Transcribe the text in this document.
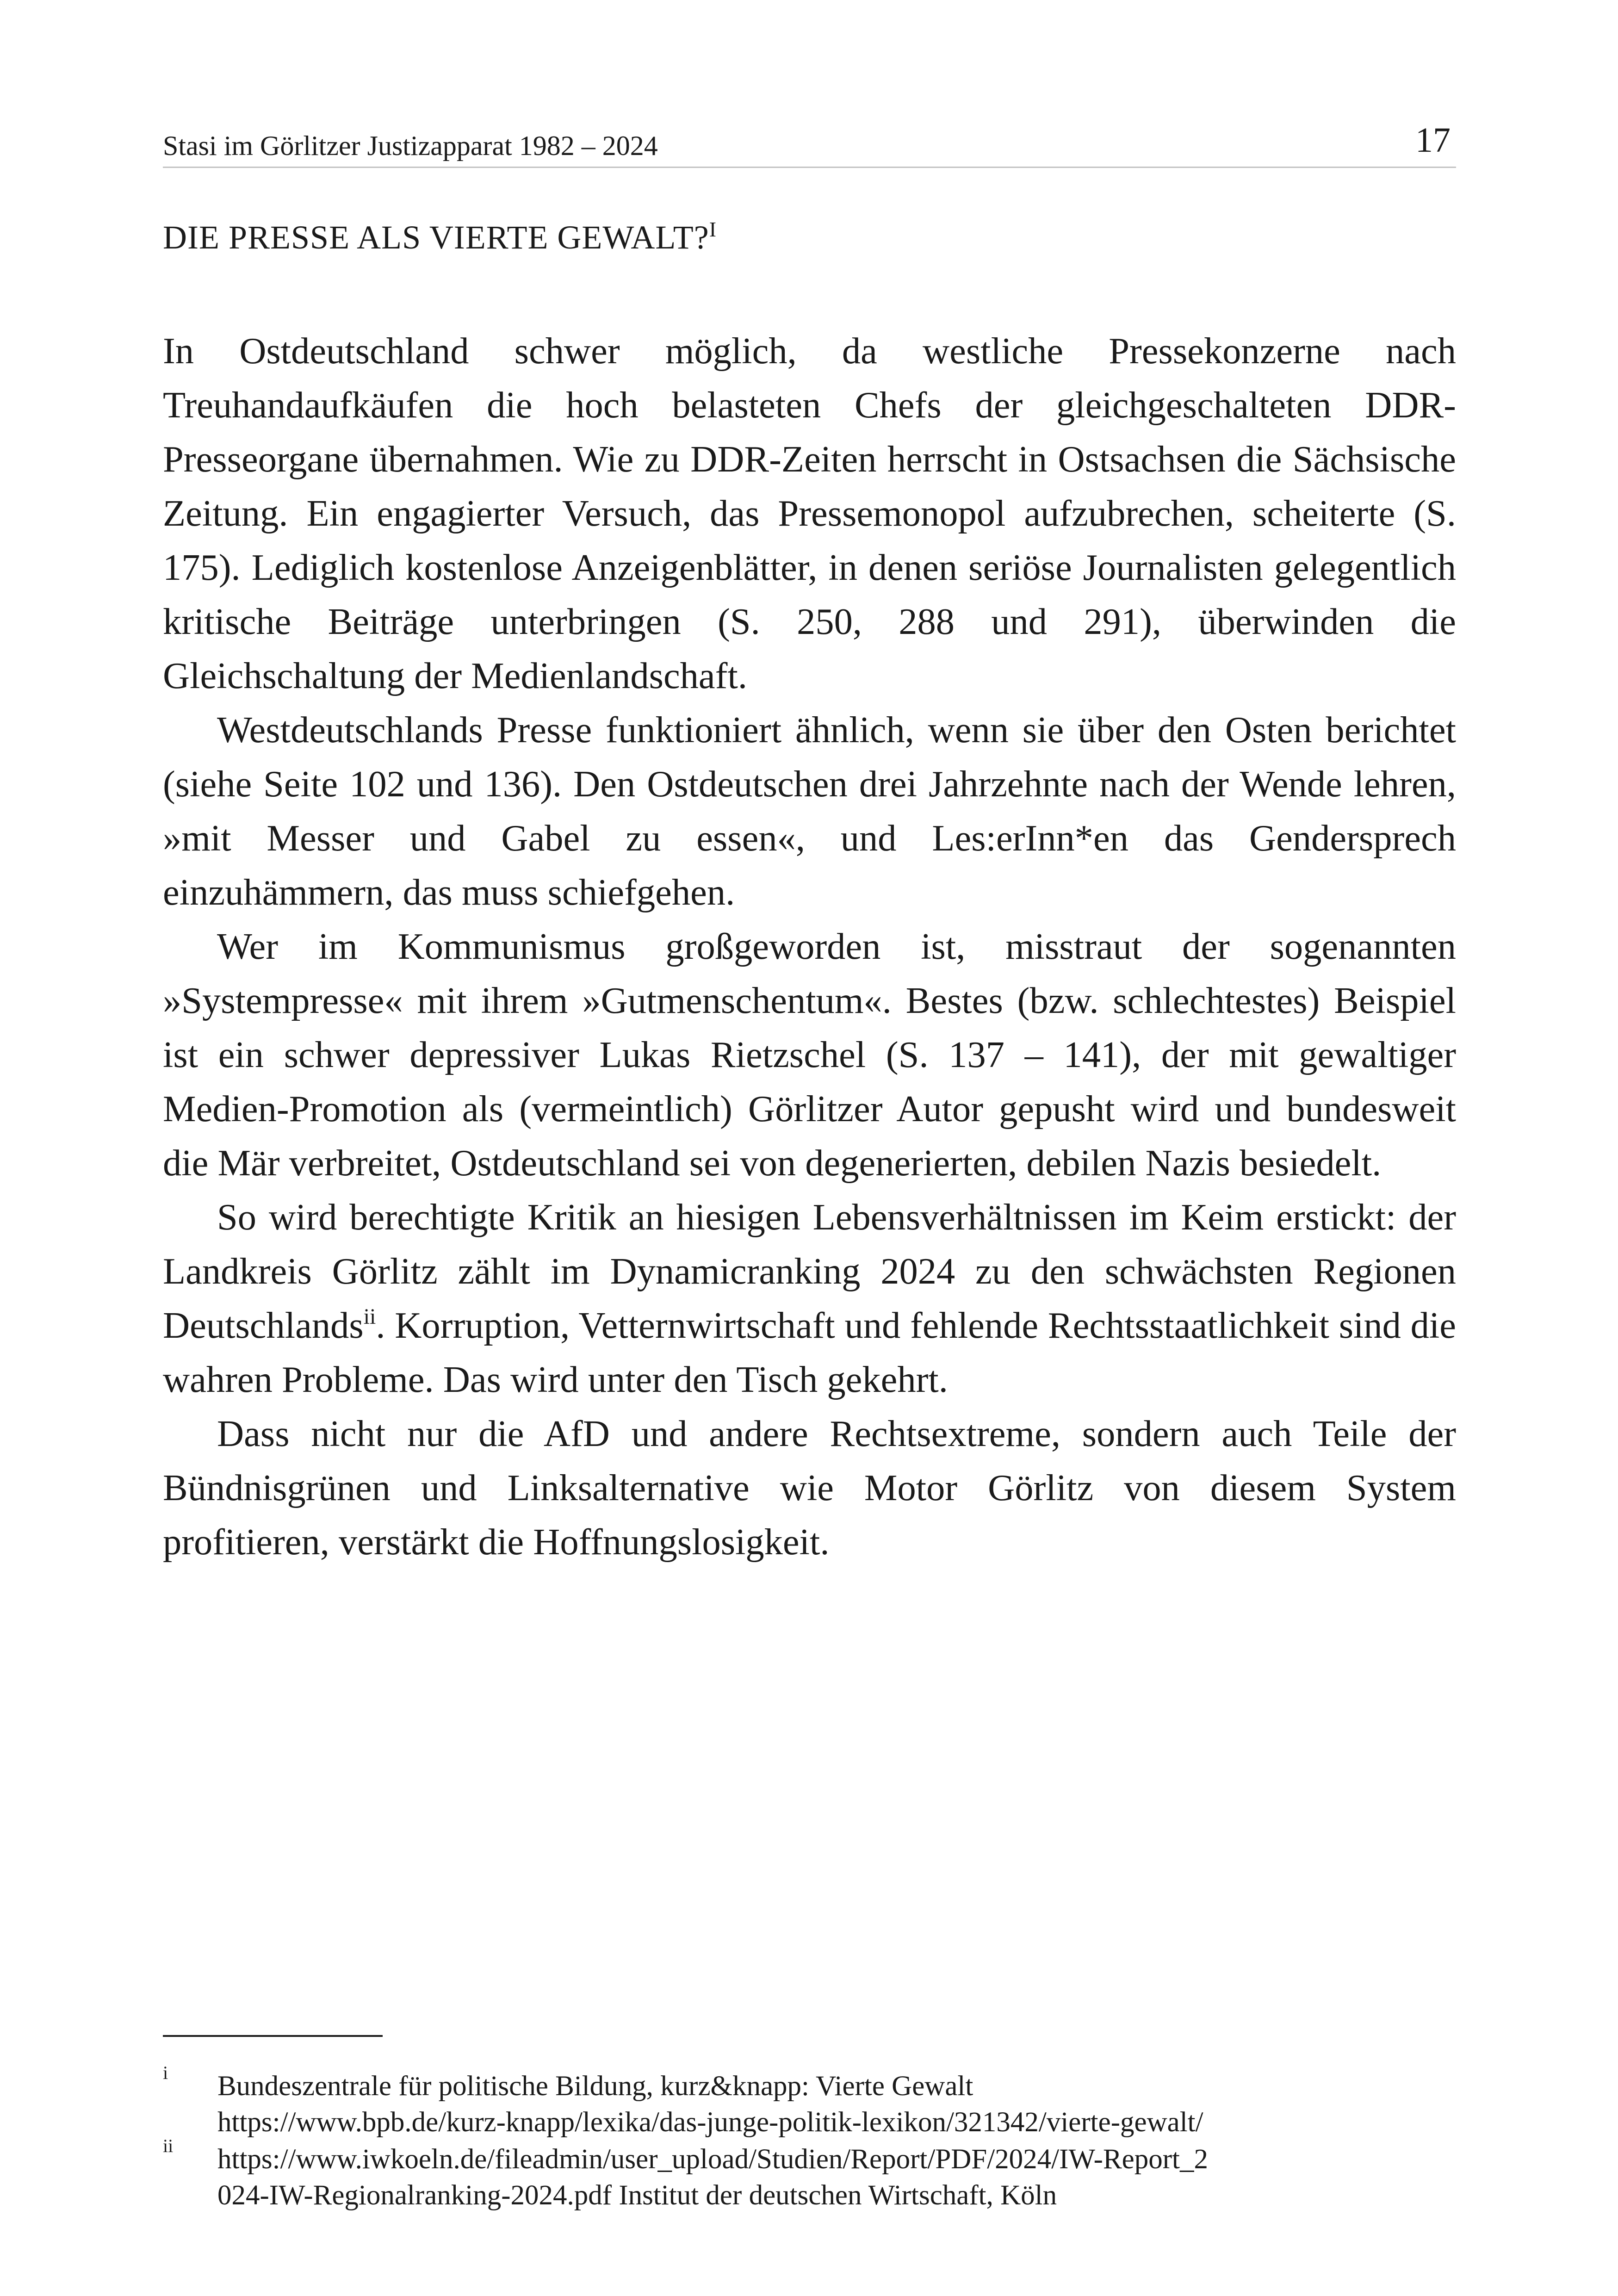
Stasi im Görlitzer Justizapparat 1982 – 2024	17
DIE PRESSE ALS VIERTE GEWALT?$^I$

In Ostdeutschland schwer möglich, da westliche Pressekonzerne nach Treuhandaufkäufen die hoch belasteten Chefs der gleichgeschalteten DDR-Presseorgane übernahmen. Wie zu DDR-Zeiten herrscht in Ostsachsen die Sächsische Zeitung. Ein engagierter Versuch, das Pressemonopol aufzubrechen, scheiterte (S. 175). Lediglich kostenlose Anzeigenblätter, in denen seriöse Journalisten gelegentlich kritische Beiträge unterbringen (S. 250, 288 und 291), überwinden die Gleichschaltung der Medienlandschaft.

Westdeutschlands Presse funktioniert ähnlich, wenn sie über den Osten berichtet (siehe Seite 102 und 136). Den Ostdeutschen drei Jahrzehnte nach der Wende lehren, »mit Messer und Gabel zu essen«, und Les:erInn*en das Gendersprech einzuhämmern, das muss schiefgehen.

Wer im Kommunismus großgeworden ist, misstraut der sogenannten »Systempresse« mit ihrem »Gutmenschentum«. Bestes (bzw. schlechtestes) Beispiel ist ein schwer depressiver Lukas Rietzschel (S. 137 – 141), der mit gewaltiger Medien-Promotion als (vermeintlich) Görlitzer Autor gepusht wird und bundesweit die Mär verbreitet, Ostdeutschland sei von degenerierten, debilen Nazis besiedelt.

So wird berechtigte Kritik an hiesigen Lebensverhältnissen im Keim erstickt: der Landkreis Görlitz zählt im Dynamicranking 2024 zu den schwächsten Regionen Deutschlands$^{ii}$. Korruption, Vetternwirtschaft und fehlende Rechtsstaatlichkeit sind die wahren Probleme. Das wird unter den Tisch gekehrt.

Dass nicht nur die AfD und andere Rechtsextreme, sondern auch Teile der Bündnisgrünen und Linksalternative wie Motor Görlitz von diesem System profitieren, verstärkt die Hoffnungslosigkeit.

i Bundeszentrale für politische Bildung, kurz&knapp: Vierte Gewalt
https://www.bpb.de/kurz-knapp/lexika/das-junge-politik-lexikon/321342/vierte-gewalt/
ii https://www.iwkoeln.de/fileadmin/user_upload/Studien/Report/PDF/2024/IW-Report_2
024-IW-Regionalranking-2024.pdf Institut der deutschen Wirtschaft, Köln
